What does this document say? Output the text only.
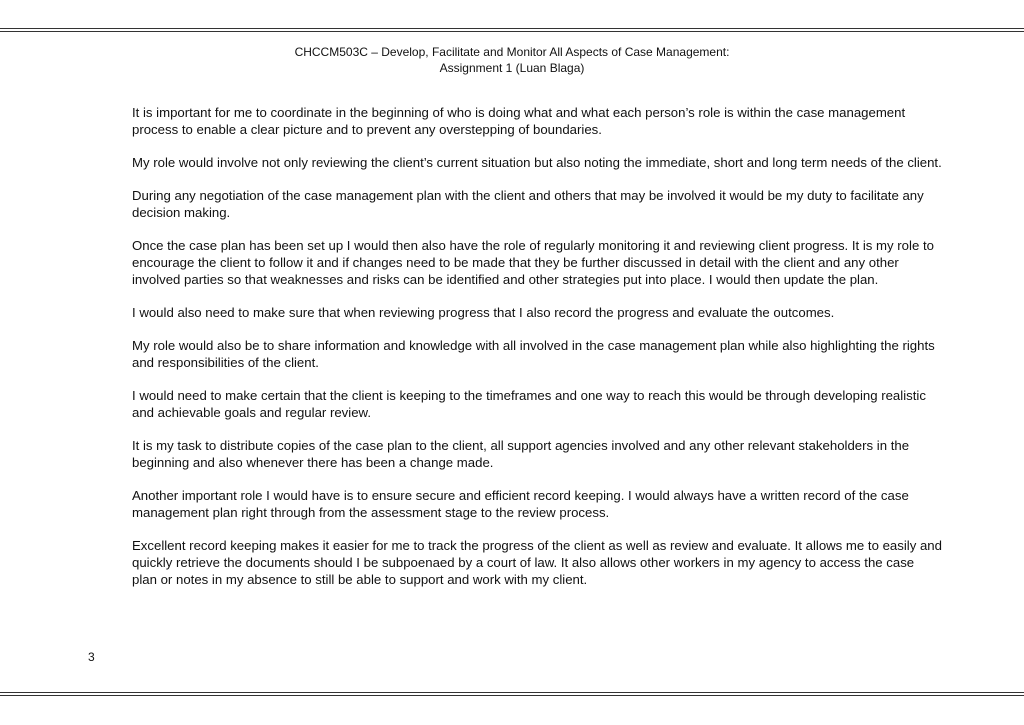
CHCCM503C – Develop, Facilitate and Monitor All Aspects of Case Management:
Assignment 1 (Luan Blaga)

It is important for me to coordinate in the beginning of who is doing what and what each person’s role is within the case management process to enable a clear picture and to prevent any overstepping of boundaries.

My role would involve not only reviewing the client’s current situation but also noting the immediate, short and long term needs of the client.

During any negotiation of the case management plan with the client and others that may be involved it would be my duty to facilitate any decision making.

Once the case plan has been set up I would then also have the role of regularly monitoring it and reviewing client progress. It is my role to encourage the client to follow it and if changes need to be made that they be further discussed in detail with the client and any other involved parties so that weaknesses and risks can be identified and other strategies put into place. I would then update the plan.

I would also need to make sure that when reviewing progress that I also record the progress and evaluate the outcomes.

My role would also be to share information and knowledge with all involved in the case management plan while also highlighting the rights and responsibilities of the client.

I would need to make certain that the client is keeping to the timeframes and one way to reach this would be through developing realistic and achievable goals and regular review.

It is my task to distribute copies of the case plan to the client, all support agencies involved and any other relevant stakeholders in the beginning and also whenever there has been a change made.

Another important role I would have is to ensure secure and efficient record keeping. I would always have a written record of the case management plan right through from the assessment stage to the review process.

Excellent record keeping makes it easier for me to track the progress of the client as well as review and evaluate. It allows me to easily and quickly retrieve the documents should I be subpoenaed by a court of law. It also allows other workers in my agency to access the case plan or notes in my absence to still be able to support and work with my client.

3
